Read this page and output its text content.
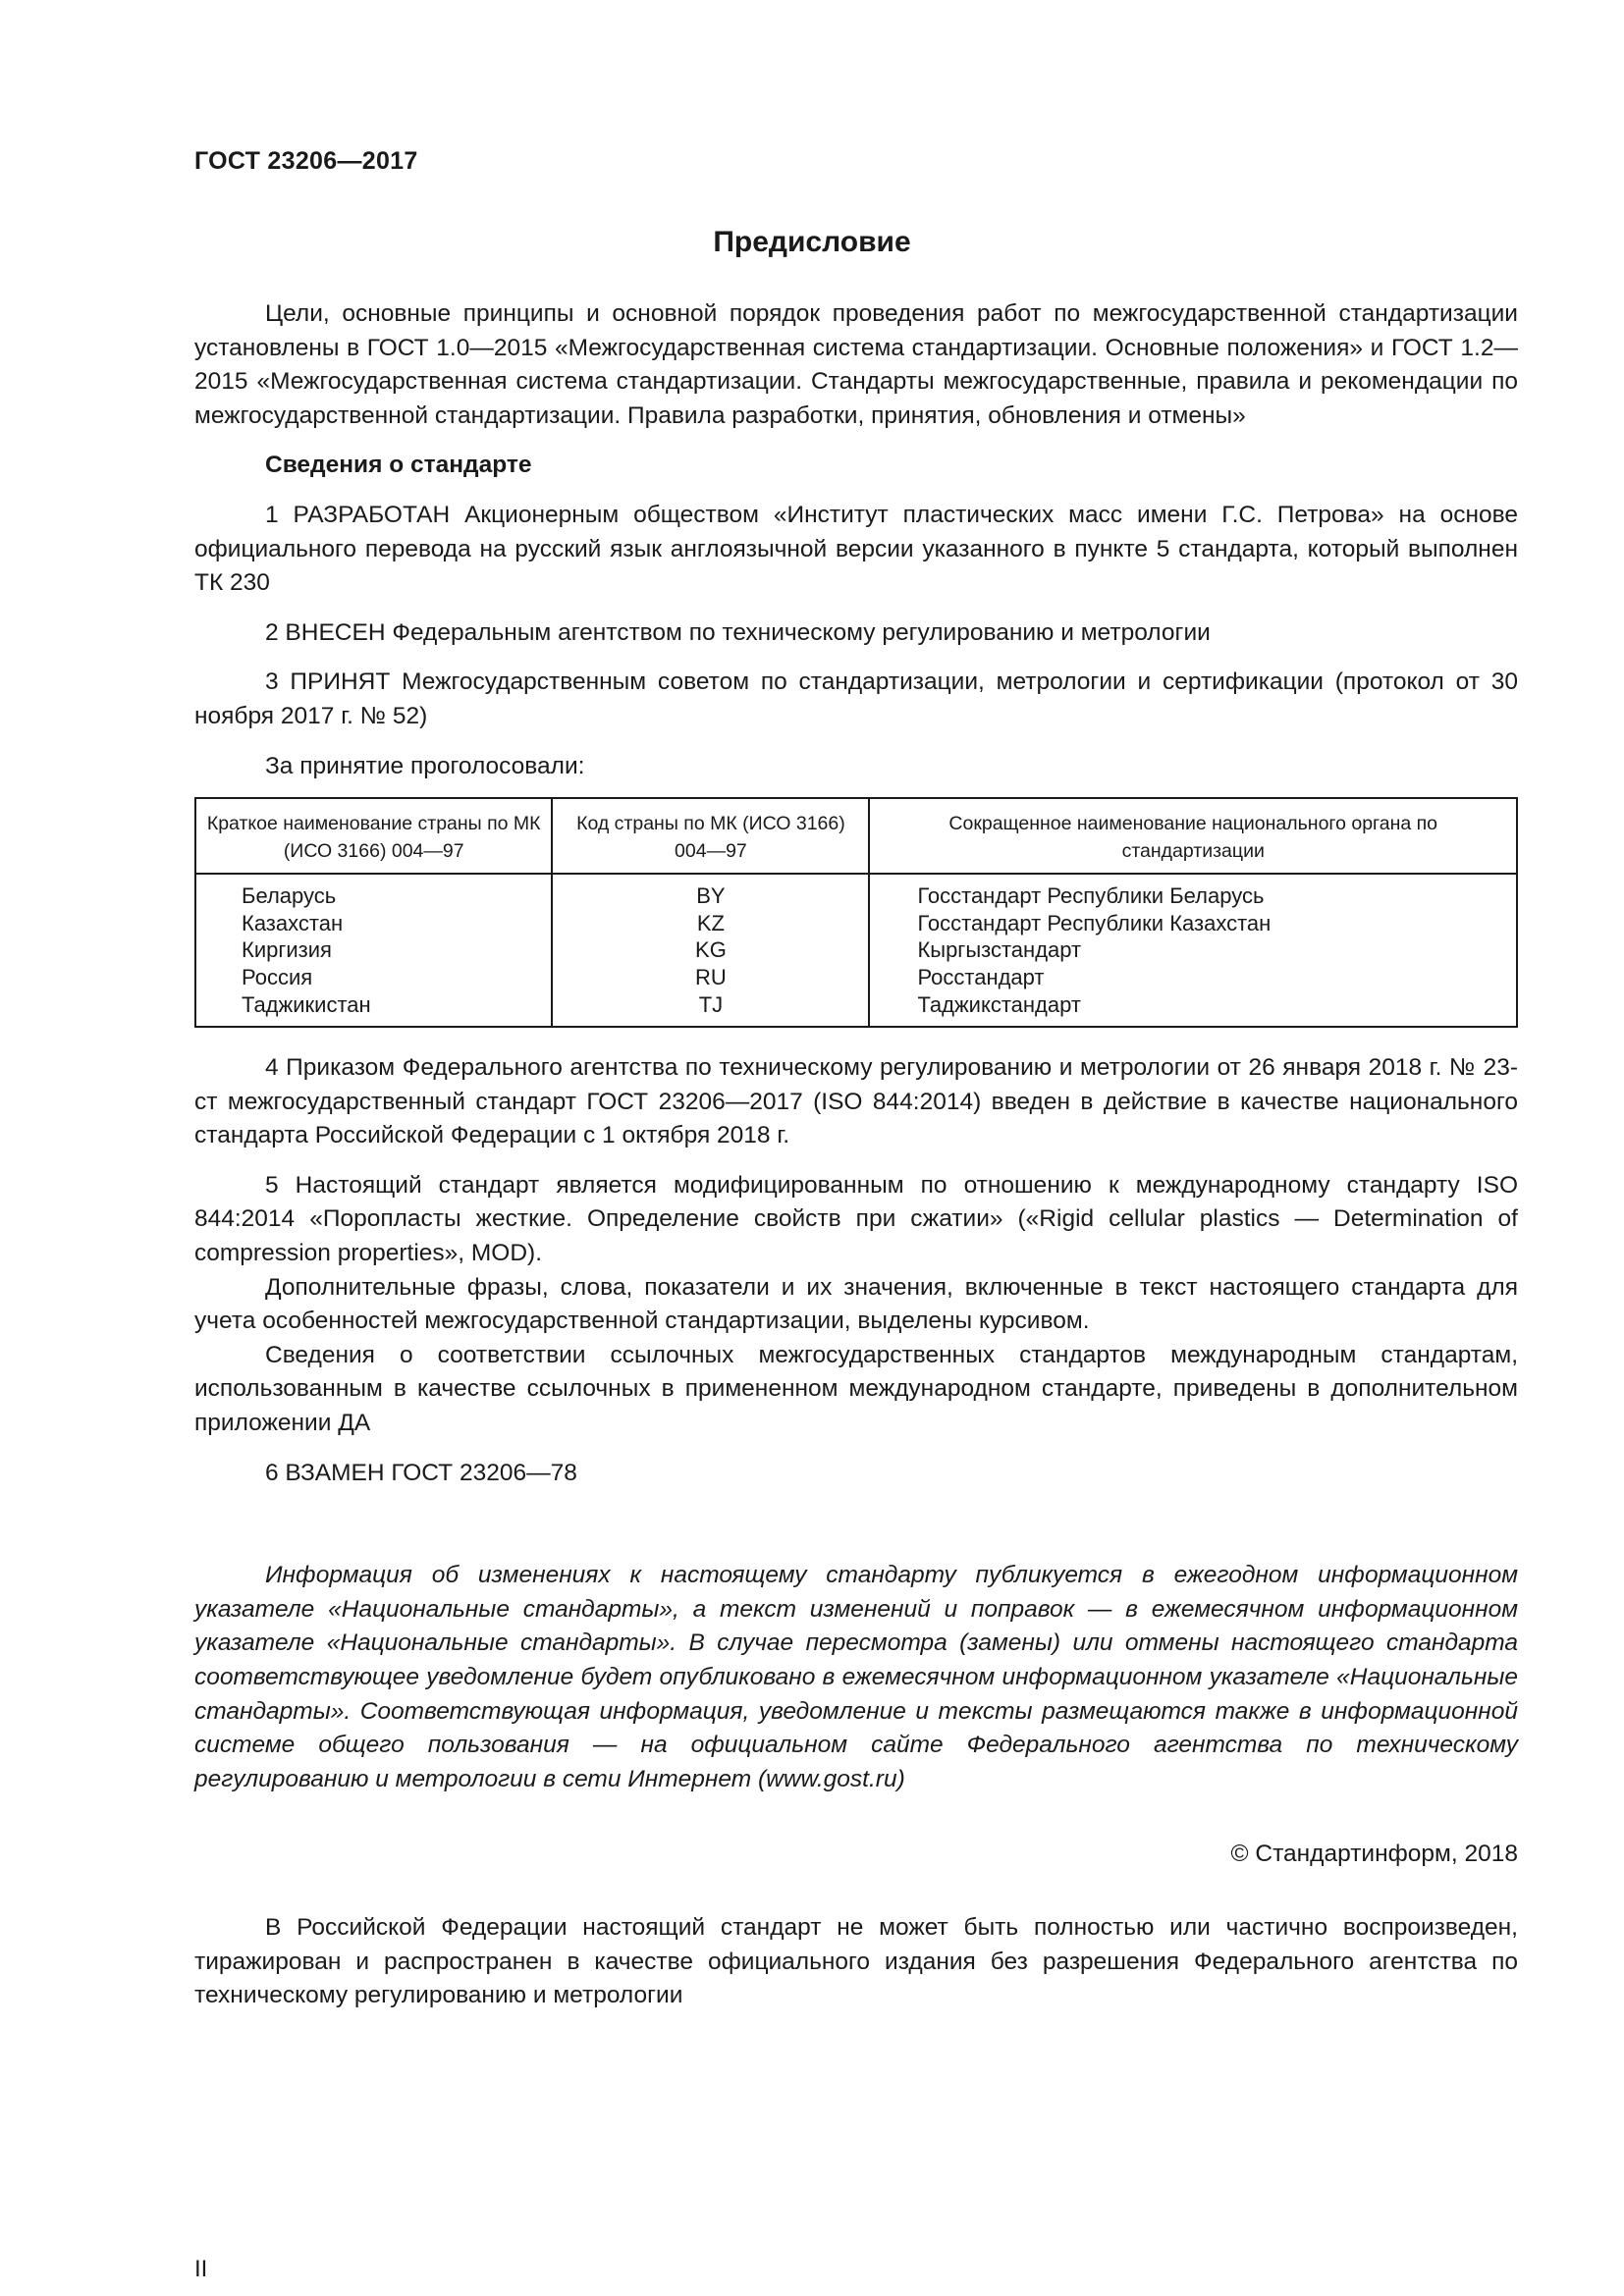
ГОСТ 23206—2017
Предисловие

Цели, основные принципы и основной порядок проведения работ по межгосударственной стандартизации установлены в ГОСТ 1.0—2015 «Межгосударственная система стандартизации. Основные положения» и ГОСТ 1.2—2015 «Межгосударственная система стандартизации. Стандарты межгосударственные, правила и рекомендации по межгосударственной стандартизации. Правила разработки, принятия, обновления и отмены»

Сведения о стандарте

1 РАЗРАБОТАН Акционерным обществом «Институт пластических масс имени Г.С. Петрова» на основе официального перевода на русский язык англоязычной версии указанного в пункте 5 стандарта, который выполнен ТК 230

2 ВНЕСЕН Федеральным агентством по техническому регулированию и метрологии

3 ПРИНЯТ Межгосударственным советом по стандартизации, метрологии и сертификации (протокол от 30 ноября 2017 г. № 52)

За принятие проголосовали:

Краткое наименование страны по МК (ИСО 3166) 004—97	Код страны по МК (ИСО 3166) 004—97	Сокращенное наименование национального органа по стандартизации
Беларусь	BY	Госстандарт Республики Беларусь
Казахстан	KZ	Госстандарт Республики Казахстан
Киргизия	KG	Кыргызстандарт
Россия	RU	Росстандарт
Таджикистан	TJ	Таджикстандарт

4 Приказом Федерального агентства по техническому регулированию и метрологии от 26 января 2018 г. № 23-ст межгосударственный стандарт ГОСТ 23206—2017 (ISO 844:2014) введен в действие в качестве национального стандарта Российской Федерации с 1 октября 2018 г.

5 Настоящий стандарт является модифицированным по отношению к международному стандарту ISO 844:2014 «Поропласты жесткие. Определение свойств при сжатии» («Rigid cellular plastics — Determination of compression properties», MOD).

Дополнительные фразы, слова, показатели и их значения, включенные в текст настоящего стандарта для учета особенностей межгосударственной стандартизации, выделены курсивом.

Сведения о соответствии ссылочных межгосударственных стандартов международным стандартам, использованным в качестве ссылочных в примененном международном стандарте, приведены в дополнительном приложении ДА

6 ВЗАМЕН ГОСТ 23206—78

Информация об изменениях к настоящему стандарту публикуется в ежегодном информационном указателе «Национальные стандарты», а текст изменений и поправок — в ежемесячном информационном указателе «Национальные стандарты». В случае пересмотра (замены) или отмены настоящего стандарта соответствующее уведомление будет опубликовано в ежемесячном информационном указателе «Национальные стандарты». Соответствующая информация, уведомление и тексты размещаются также в информационной системе общего пользования — на официальном сайте Федерального агентства по техническому регулированию и метрологии в сети Интернет (www.gost.ru)

© Стандартинформ, 2018

В Российской Федерации настоящий стандарт не может быть полностью или частично воспроизведен, тиражирован и распространен в качестве официального издания без разрешения Федерального агентства по техническому регулированию и метрологии

II
